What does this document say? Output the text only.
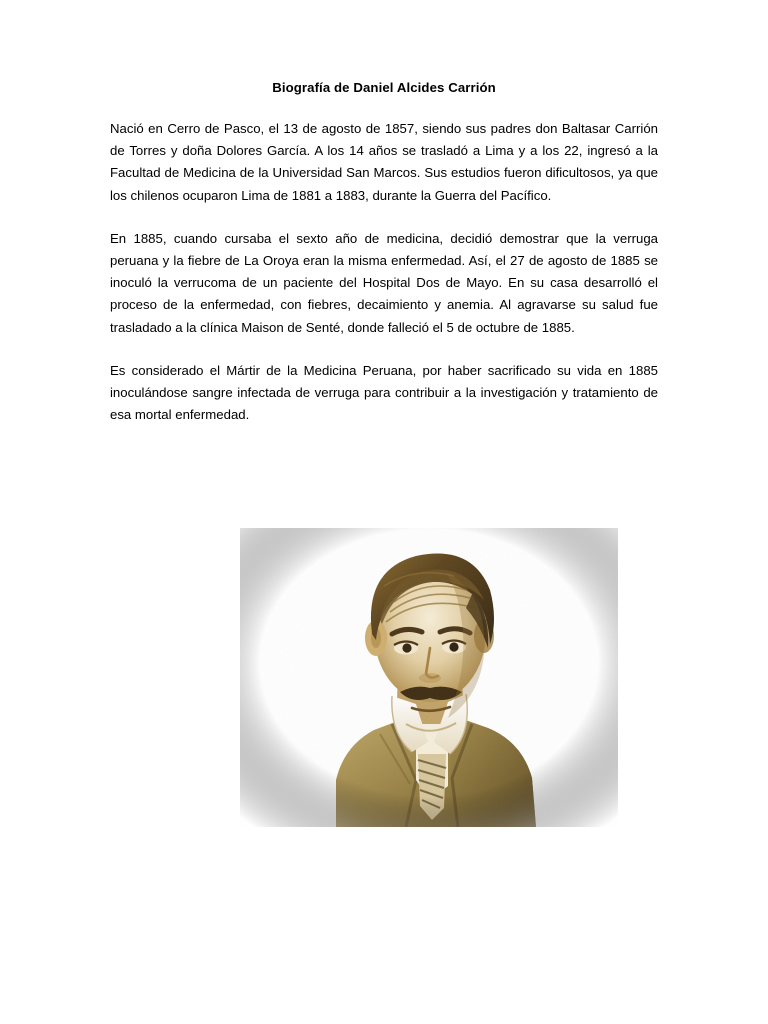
Biografía de Daniel Alcides Carrión

Nació en Cerro de Pasco, el 13 de agosto de 1857, siendo sus padres don Baltasar Carrión de Torres y doña Dolores García. A los 14 años se trasladó a Lima y a los 22, ingresó a la Facultad de Medicina de la Universidad San Marcos. Sus estudios fueron dificultosos, ya que los chilenos ocuparon Lima de 1881 a 1883, durante la Guerra del Pacífico.

En 1885, cuando cursaba el sexto año de medicina, decidió demostrar que la verruga peruana y la fiebre de La Oroya eran la misma enfermedad. Así, el 27 de agosto de 1885 se inoculó la verrucoma de un paciente del Hospital Dos de Mayo. En su casa desarrolló el proceso de la enfermedad, con fiebres, decaimiento y anemia. Al agravarse su salud fue trasladado a la clínica Maison de Senté, donde falleció el 5 de octubre de 1885.

Es considerado el Mártir de la Medicina Peruana, por haber sacrificado su vida en 1885 inoculándose sangre infectada de verruga para contribuir a la investigación y tratamiento de esa mortal enfermedad.
